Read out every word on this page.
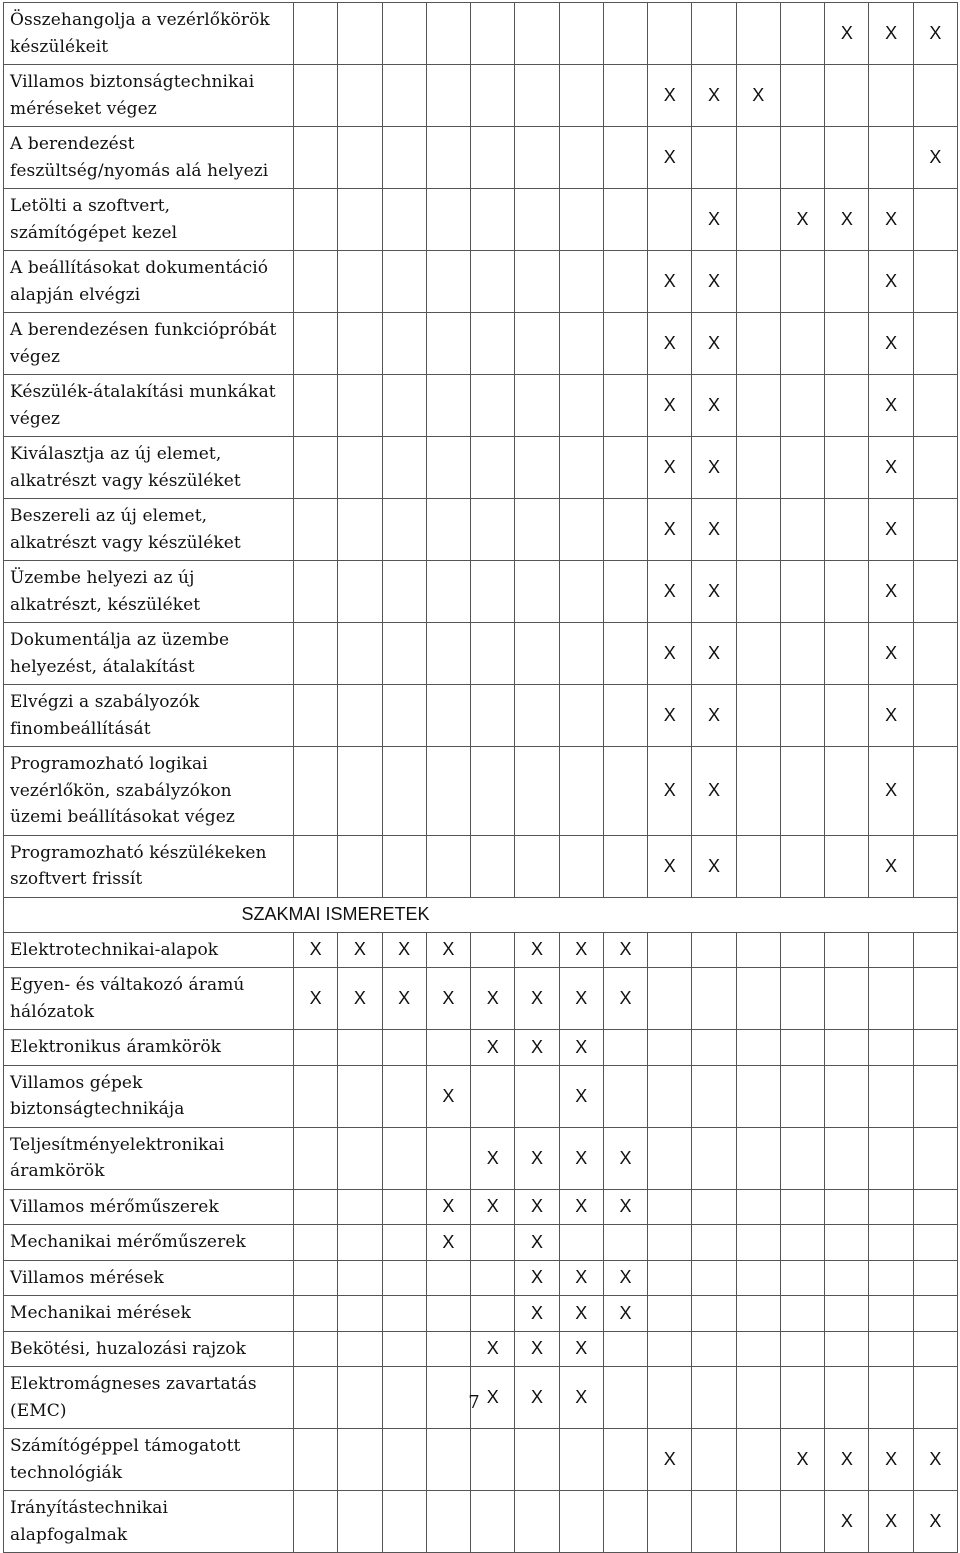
Összehangolja a vezérlőkörök készülékeit													X	X	X
Villamos biztonságtechnikai méréseket végez									X	X	X				
A berendezést feszültség/nyomás alá helyezi									X						X
Letölti a szoftvert, számítógépet kezel										X		X	X	X	
A beállításokat dokumentáció alapján elvégzi									X	X				X	
A berendezésen funkciópróbát végez									X	X				X	
Készülék-átalakítási munkákat végez									X	X				X	
Kiválasztja az új elemet, alkatrészt vagy készüléket									X	X				X	
Beszereli az új elemet, alkatrészt vagy készüléket									X	X				X	
Üzembe helyezi az új alkatrészt, készüléket									X	X				X	
Dokumentálja az üzembe helyezést, átalakítást									X	X				X	
Elvégzi a szabályozók finombeállítását									X	X				X	
Programozható logikai vezérlőkön, szabályzókon üzemi beállításokat végez									X	X				X	
Programozható készülékeken szoftvert frissít									X	X				X	
SZAKMAI ISMERETEK															
Elektrotechnikai-alapok	X	X	X	X		X	X	X							
Egyen- és váltakozó áramú hálózatok	X	X	X	X	X	X	X	X							
Elektronikus áramkörök					X	X	X								
Villamos gépek biztonságtechnikája				X			X								
Teljesítményelektronikai áramkörök					X	X	X	X							
Villamos mérőműszerek				X	X	X	X	X							
Mechanikai mérőműszerek				X		X									
Villamos mérések						X	X	X							
Mechanikai mérések						X	X	X							
Bekötési, huzalozási rajzok					X	X	X								
Elektromágneses zavartatás (EMC)					X	X	X								
Számítógéppel támogatott technológiák									X			X	X	X	X
Irányítástechnikai alapfogalmak													X	X	X
7
